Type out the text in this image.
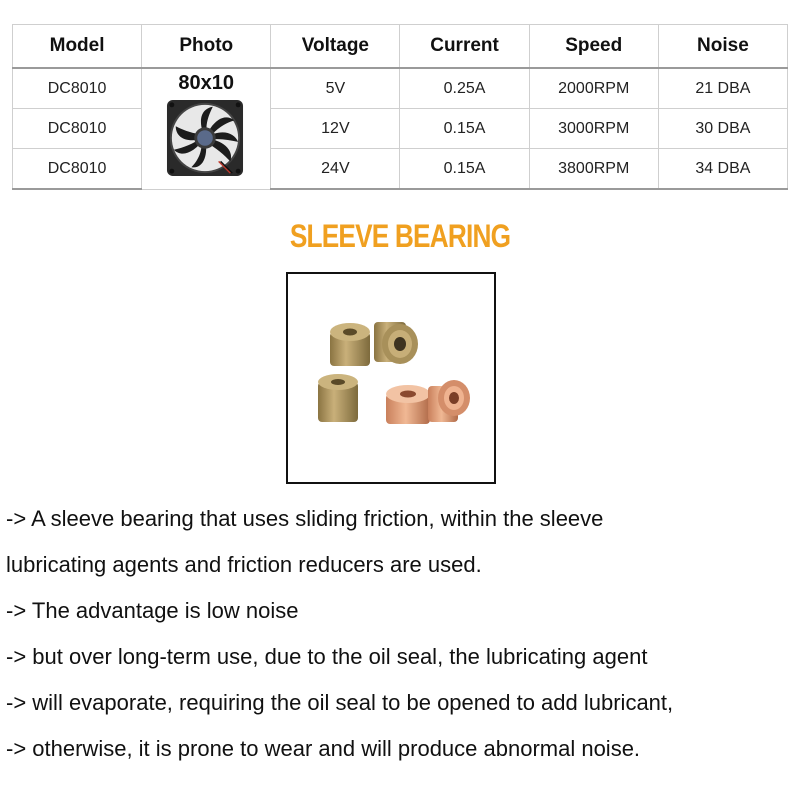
Model	Photo	Voltage	Current	Speed	Noise
DC8010	80x10	5V	0.25A	2000RPM	21 DBA
DC8010		12V	0.15A	3000RPM	30 DBA
DC8010		24V	0.15A	3800RPM	34 DBA
SLEEVE BEARING

-> A sleeve bearing that uses sliding friction, within the sleeve

lubricating agents and friction reducers are used.

-> The advantage is low noise

-> but over long-term use, due to the oil seal, the lubricating agent

-> will evaporate, requiring the oil seal to be opened to add lubricant,

-> otherwise, it is prone to wear and will produce abnormal noise.
